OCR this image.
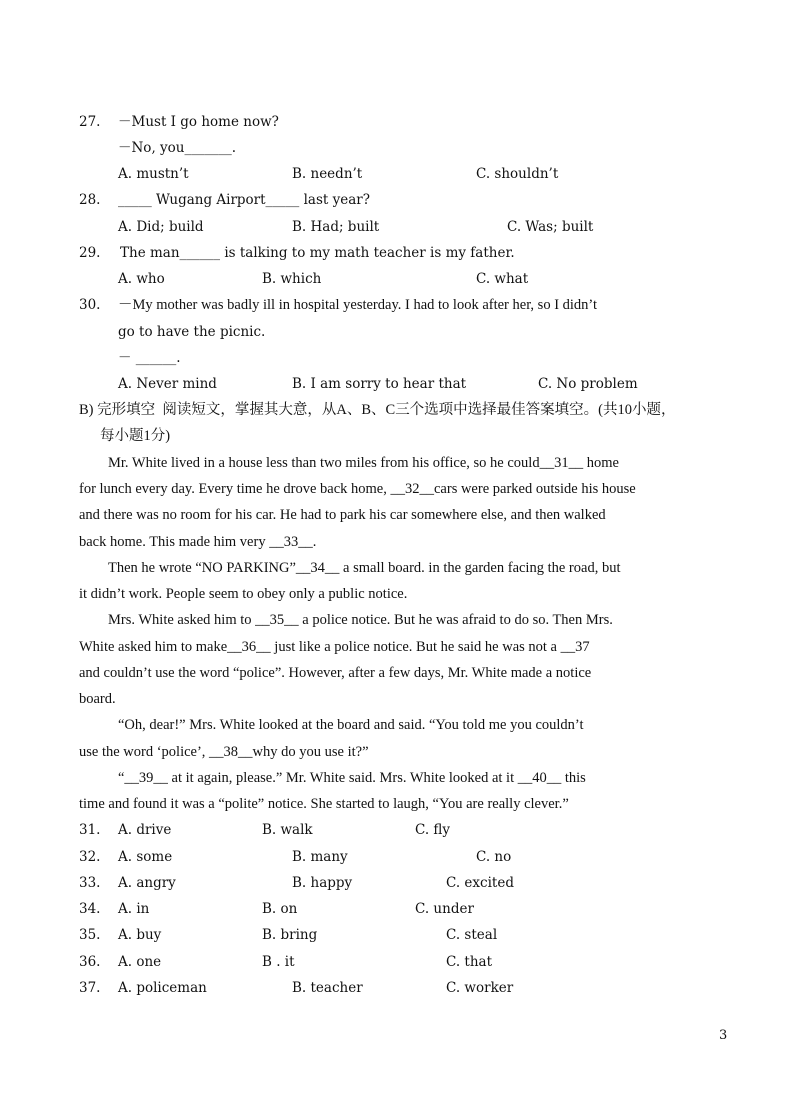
27. －Must I go home now?
－No, you_______.
A. mustn’t	B. needn’t	C. shouldn’t
28. _____ Wugang Airport_____ last year?
A. Did; build	B. Had; built	C. Was; built
29. The man______ is talking to my math teacher is my father.
A. who	B. which	C. what
30. －My mother was badly ill in hospital yesterday. I had to look after her, so I didn’t
go to have the picnic.
－ ______.
A. Never mind	B. I am sorry to hear that	C. No problem
B) 完形填空  阅读短文，掌握其大意，从A、B、C三个选项中选择最佳答案填空。(共10小题，
每小题1分)
Mr. White lived in a house less than two miles from his office, so he could__31__ home
for lunch every day. Every time he drove back home, __32__cars were parked outside his house
and there was no room for his car. He had to park his car somewhere else, and then walked
back home. This made him very __33__.
Then he wrote “NO PARKING”__34__ a small board. in the garden facing the road, but
it didn’t work. People seem to obey only a public notice.
Mrs. White asked him to __35__ a police notice. But he was afraid to do so. Then Mrs.
White asked him to make__36__ just like a police notice. But he said he was not a __37
and couldn’t use the word “police”. However, after a few days, Mr. White made a notice
board.
“Oh, dear!” Mrs. White looked at the board and said. “You told me you couldn’t
use the word ‘police’, __38__why do you use it?”
“__39__ at it again, please.” Mr. White said. Mrs. White looked at it __40__ this
time and found it was a “polite” notice. She started to laugh, “You are really clever.”
31. A. drive	B. walk	C. fly
32. A. some	B. many	C. no
33. A. angry	B. happy	C. excited
34. A. in	B. on	C. under
35. A. buy	B. bring	C. steal
36. A. one	B . it	C. that
37. A. policeman	B. teacher	C. worker
3
